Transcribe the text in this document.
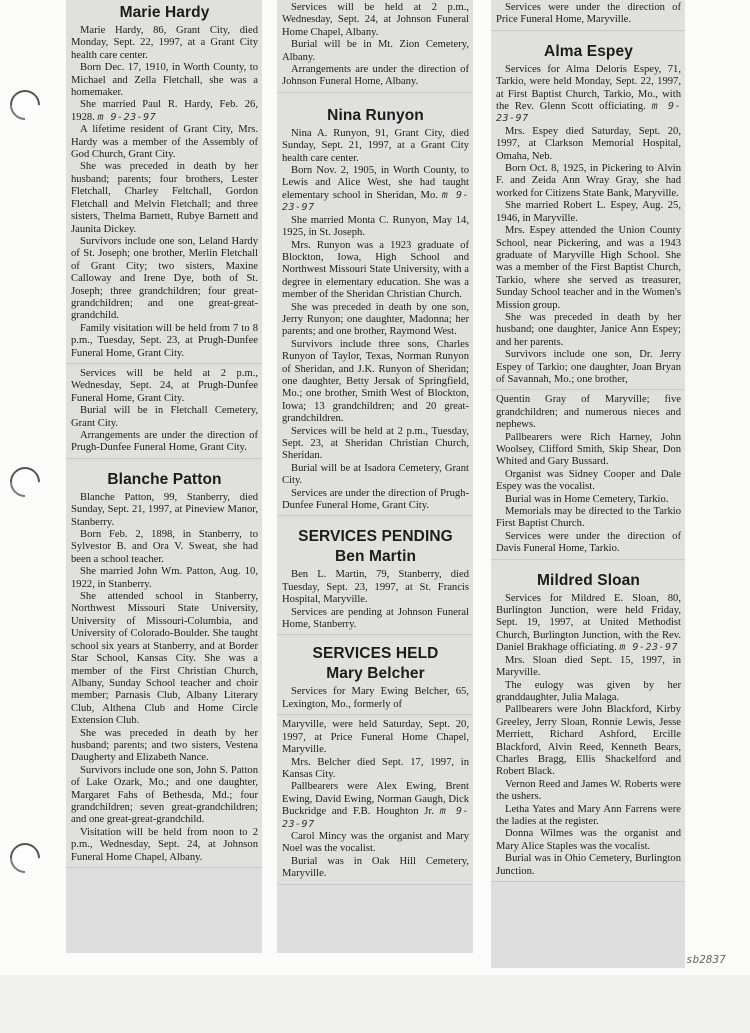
Marie Hardy

Marie Hardy, 86, Grant City, died Monday, Sept. 22, 1997, at a Grant City health care center.

Born Dec. 17, 1910, in Worth County, to Michael and Zella Fletchall, she was a homemaker.

She married Paul R. Hardy, Feb. 26, 1928. m 9-23-97

A lifetime resident of Grant City, Mrs. Hardy was a member of the Assembly of God Church, Grant City.

She was preceded in death by her husband; parents; four brothers, Lester Fletchall, Charley Feltchall, Gordon Fletchall and Melvin Fletchall; and three sisters, Thelma Barnett, Rubye Barnett and Jaunita Dickey.

Survivors include one son, Leland Hardy of St. Joseph; one brother, Merlin Fletchall of Grant City; two sisters, Maxine Calloway and Irene Dye, both of St. Joseph; three grandchildren; four great-grandchildren; and one great-great-grandchild.

Family visitation will be held from 7 to 8 p.m., Tuesday, Sept. 23, at Prugh-Dunfee Funeral Home, Grant City.

Services will be held at 2 p.m., Wednesday, Sept. 24, at Prugh-Dunfee Funeral Home, Grant City.

Burial will be in Fletchall Cemetery, Grant City.

Arrangements are under the direction of Prugh-Dunfee Funeral Home, Grant City.

Blanche Patton

Blanche Patton, 99, Stanberry, died Sunday, Sept. 21, 1997, at Pineview Manor, Stanberry.

Born Feb. 2, 1898, in Stanberry, to Sylvestor B. and Ora V. Sweat, she had been a school teacher.

She married John Wm. Patton, Aug. 10, 1922, in Stanberry.

She attended school in Stanberry, Northwest Missouri State University, University of Missouri-Columbia, and University of Colorado-Boulder. She taught school six years at Stanberry, and at Border Star School, Kansas City. She was a member of the First Christian Church, Albany, Sunday School teacher and choir member; Parnasis Club, Albany Literary Club, Althena Club and Home Circle Extension Club.

She was preceded in death by her husband; parents; and two sisters, Vestena Daugherty and Elizabeth Nance.

Survivors include one son, John S. Patton of Lake Ozark, Mo.; and one daughter, Margaret Fahs of Bethesda, Md.; four grandchildren; seven great-grandchildren; and one great-great-grandchild.

Visitation will be held from noon to 2 p.m., Wednesday, Sept. 24, at Johnson Funeral Home Chapel, Albany.

Services will be held at 2 p.m., Wednesday, Sept. 24, at Johnson Funeral Home Chapel, Albany.

Burial will be in Mt. Zion Cemetery, Albany.

Arrangements are under the direction of Johnson Funeral Home, Albany.

Nina Runyon

Nina A. Runyon, 91, Grant City, died Sunday, Sept. 21, 1997, at a Grant City health care center.

Born Nov. 2, 1905, in Worth County, to Lewis and Alice West, she had taught elementary school in Sheridan, Mo. m 9-23-97

She married Monta C. Runyon, May 14, 1925, in St. Joseph.

Mrs. Runyon was a 1923 graduate of Blockton, Iowa, High School and Northwest Missouri State University, with a degree in elementary education. She was a member of the Sheridan Christian Church.

She was preceded in death by one son, Jerry Runyon; one daughter, Madonna; her parents; and one brother, Raymond West.

Survivors include three sons, Charles Runyon of Taylor, Texas, Norman Runyon of Sheridan, and J.K. Runyon of Sheridan; one daughter, Betty Jersak of Springfield, Mo.; one brother, Smith West of Blockton, Iowa; 13 grandchildren; and 20 great-grandchildren.

Services will be held at 2 p.m., Tuesday, Sept. 23, at Sheridan Christian Church, Sheridan.

Burial will be at Isadora Cemetery, Grant City.

Services are under the direction of Prugh-Dunfee Funeral Home, Grant City.

SERVICES PENDING
Ben Martin

Ben L. Martin, 79, Stanberry, died Tuesday, Sept. 23, 1997, at St. Francis Hospital, Maryville.

Services are pending at Johnson Funeral Home, Stanberry.

SERVICES HELD
Mary Belcher

Services for Mary Ewing Belcher, 65, Lexington, Mo., formerly of

Maryville, were held Saturday, Sept. 20, 1997, at Price Funeral Home Chapel, Maryville.

Mrs. Belcher died Sept. 17, 1997, in Kansas City.

Pallbearers were Alex Ewing, Brent Ewing, David Ewing, Norman Gaugh, Dick Buckridge and F.B. Houghton Jr. m 9-23-97

Carol Mincy was the organist and Mary Noel was the vocalist.

Burial was in Oak Hill Cemetery, Maryville.

Services were under the direction of Price Funeral Home, Maryville.

Alma Espey

Services for Alma Deloris Espey, 71, Tarkio, were held Monday, Sept. 22, 1997, at First Baptist Church, Tarkio, Mo., with the Rev. Glenn Scott officiating. m 9-23-97

Mrs. Espey died Saturday, Sept. 20, 1997, at Clarkson Memorial Hospital, Omaha, Neb.

Born Oct. 8, 1925, in Pickering to Alvin F. and Zeida Ann Wray Gray, she had worked for Citizens State Bank, Maryville.

She married Robert L. Espey, Aug. 25, 1946, in Maryville.

Mrs. Espey attended the Union County School, near Pickering, and was a 1943 graduate of Maryville High School. She was a member of the First Baptist Church, Tarkio, where she served as treasurer, Sunday School teacher and in the Women's Mission group.

She was preceded in death by her husband; one daughter, Janice Ann Espey; and her parents.

Survivors include one son, Dr. Jerry Espey of Tarkio; one daughter, Joan Bryan of Savannah, Mo.; one brother,

Quentin Gray of Maryville; five grandchildren; and numerous nieces and nephews.

Pallbearers were Rich Harney, John Woolsey, Clifford Smith, Skip Shear, Don Whited and Gary Bussard.

Organist was Sidney Cooper and Dale Espey was the vocalist.

Burial was in Home Cemetery, Tarkio.

Memorials may be directed to the Tarkio First Baptist Church.

Services were under the direction of Davis Funeral Home, Tarkio.

Mildred Sloan

Services for Mildred E. Sloan, 80, Burlington Junction, were held Friday, Sept. 19, 1997, at United Methodist Church, Burlington Junction, with the Rev. Daniel Brakhage officiating. m 9-23-97

Mrs. Sloan died Sept. 15, 1997, in Maryville.

The eulogy was given by her granddaughter, Julia Malaga.

Pallbearers were John Blackford, Kirby Greeley, Jerry Sloan, Ronnie Lewis, Jesse Merriett, Richard Ashford, Ercille Blackford, Alvin Reed, Kenneth Bears, Charles Bragg, Ellis Shackelford and Robert Black.

Vernon Reed and James W. Roberts were the ushers.

Letha Yates and Mary Ann Farrens were the ladies at the register.

Donna Wilmes was the organist and Mary Alice Staples was the vocalist.

Burial was in Ohio Cemetery, Burlington Junction.

sb2837
